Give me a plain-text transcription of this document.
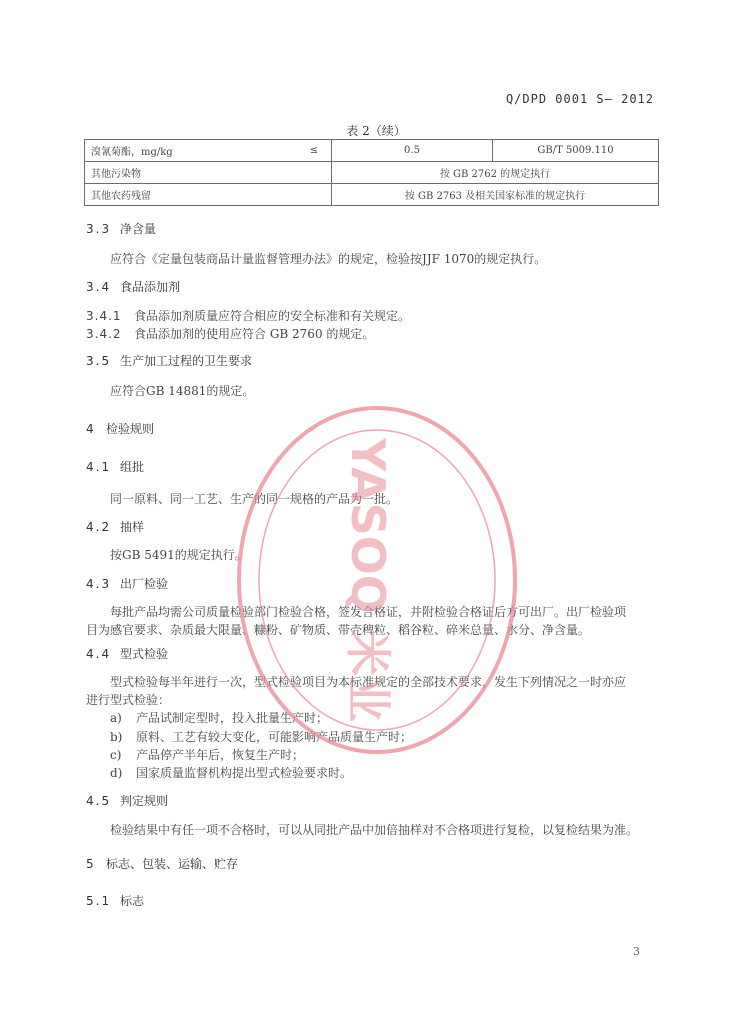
Q/DPD 0001 S— 2012
表 2（续）
溴氰菊酯，mg/kg	≤	0.5	GB/T 5009.110
其他污染物		按 GB 2762 的规定执行	
其他农药残留		按 GB 2763 及相关国家标准的规定执行	
3.3 净含量
应符合《定量包装商品计量监督管理办法》的规定，检验按JJF 1070的规定执行。
3.4 食品添加剂
3.4.1 食品添加剂质量应符合相应的安全标准和有关规定。
3.4.2 食品添加剂的使用应符合 GB 2760 的规定。
3.5 生产加工过程的卫生要求
应符合GB 14881的规定。
4 检验规则
4.1 组批
同一原料、同一工艺、生产的同一规格的产品为一批。
4.2 抽样
按GB 5491的规定执行。
4.3 出厂检验
每批产品均需公司质量检验部门检验合格，签发合格证，并附检验合格证后方可出厂。出厂检验项
目为感官要求、杂质最大限量、糠粉、矿物质、带壳稗粒、稻谷粒、碎米总量、水分、净含量。
4.4 型式检验
型式检验每半年进行一次，型式检验项目为本标准规定的全部技术要求，发生下列情况之一时亦应
进行型式检验：
a) 产品试制定型时，投入批量生产时；
b) 原料、工艺有较大变化，可能影响产品质量生产时；
c) 产品停产半年后，恢复生产时；
d) 国家质量监督机构提出型式检验要求时。
4.5 判定规则
检验结果中有任一项不合格时，可以从同批产品中加倍抽样对不合格项进行复检，以复检结果为准。
5 标志、包装、运输、贮存
5.1 标志
3
YASOQ 米业
